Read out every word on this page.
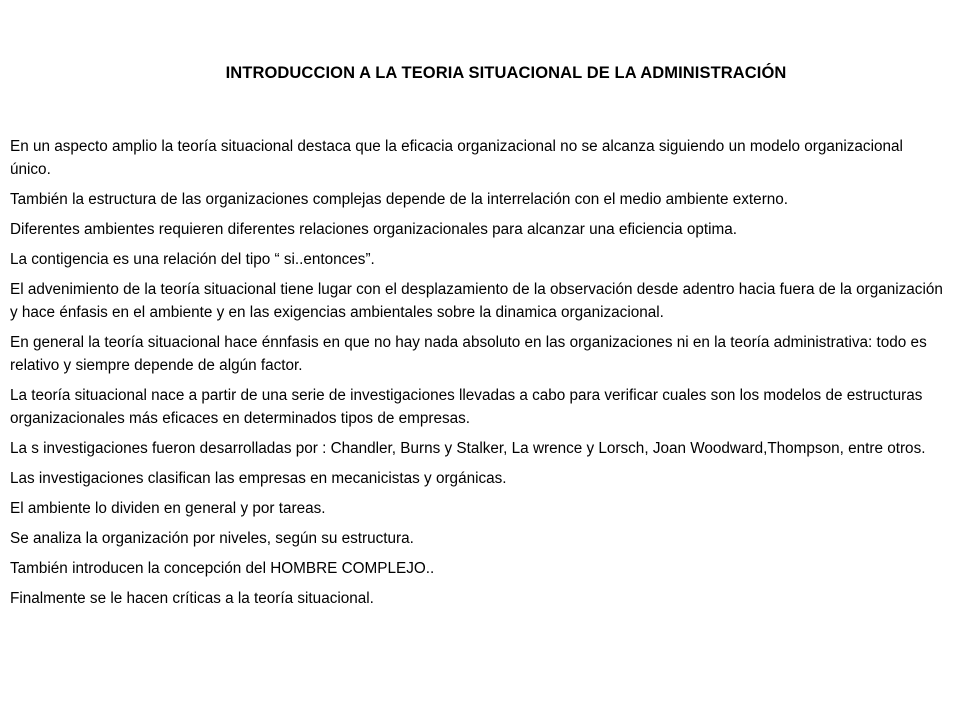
INTRODUCCION A LA TEORIA SITUACIONAL DE LA ADMINISTRACIÓN

En un aspecto amplio la teoría situacional destaca que la eficacia organizacional no se alcanza siguiendo un modelo organizacional único.

También la estructura de las organizaciones complejas depende de la interrelación con el medio ambiente externo.

Diferentes ambientes requieren diferentes relaciones organizacionales para alcanzar una eficiencia optima.

La contigencia es una relación del tipo “ si..entonces”.

El advenimiento de la teoría situacional tiene lugar con el desplazamiento de la observación desde adentro hacia fuera de la organización y hace énfasis en el ambiente y en las exigencias ambientales sobre la dinamica organizacional.

En general la teoría situacional hace énnfasis en que no hay nada absoluto en las organizaciones ni en la teoría administrativa: todo es relativo y siempre depende de algún factor.

La teoría situacional nace a partir de una serie de investigaciones llevadas a cabo para verificar cuales son los modelos de estructuras organizacionales más eficaces en determinados tipos de empresas.

La s investigaciones fueron desarrolladas por : Chandler, Burns y Stalker, La wrence y Lorsch, Joan Woodward,Thompson, entre otros.

Las investigaciones clasifican las empresas en mecanicistas y orgánicas.

El ambiente lo dividen en general y por tareas.

Se analiza la organización por niveles, según su estructura.

También introducen la concepción del HOMBRE COMPLEJO..

Finalmente se le hacen críticas a la teoría situacional.
